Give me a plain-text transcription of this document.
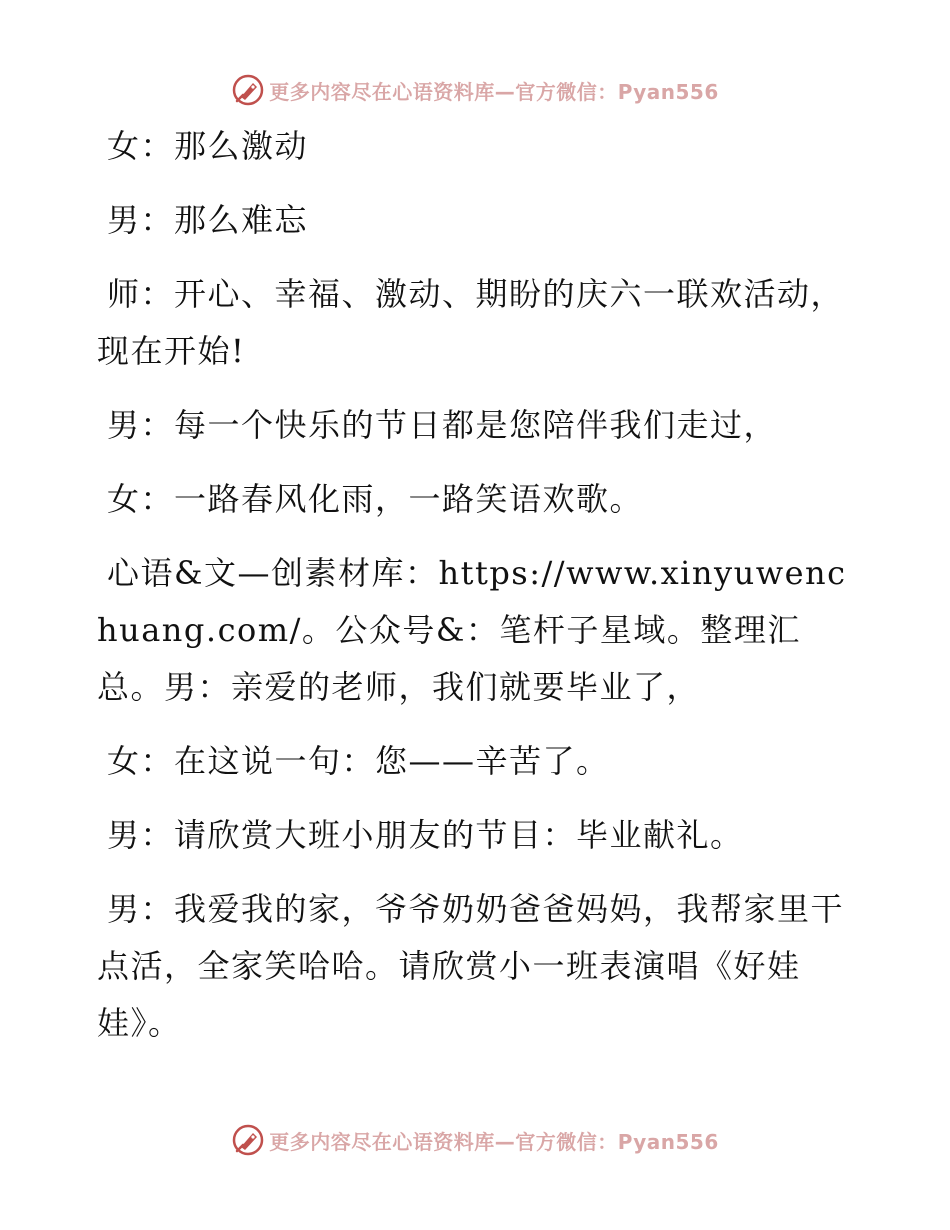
更多内容尽在心语资料库—官方微信：Pyan556

女：那么激动

男：那么难忘

师：开心、幸福、激动、期盼的庆六一联欢活动，现在开始!

男：每一个快乐的节日都是您陪伴我们走过，

女：一路春风化雨，一路笑语欢歌。

心语&文—创素材库：https://www.xinyuwenchuang.com/。公众号&：笔杆子星域。整理汇总。男：亲爱的老师，我们就要毕业了，

女：在这说一句：您——辛苦了。

男：请欣赏大班小朋友的节目：毕业献礼。

男：我爱我的家，爷爷奶奶爸爸妈妈，我帮家里干点活，全家笑哈哈。请欣赏小一班表演唱《好娃娃》。

更多内容尽在心语资料库—官方微信：Pyan556
